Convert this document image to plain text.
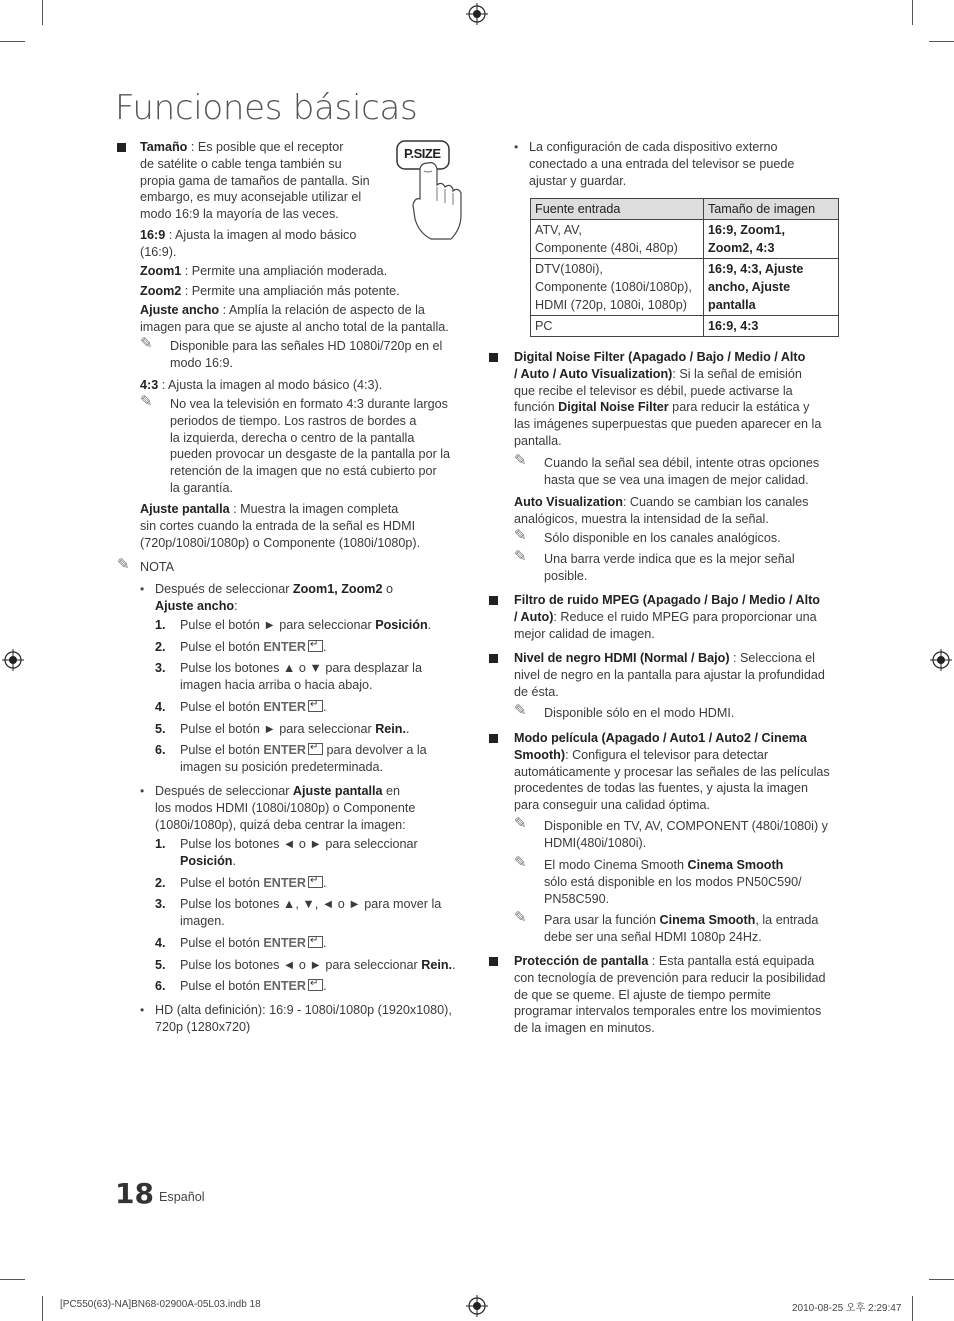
Funciones básicas
Tamaño : Es posible que el receptor
de satélite o cable tenga también su
propia gama de tamaños de pantalla. Sin
embargo, es muy aconsejable utilizar el
modo 16:9 la mayoría de las veces.
P.SIZE
16:9 : Ajusta la imagen al modo básico
(16:9).
Zoom1 : Permite una ampliación moderada.
Zoom2 : Permite una ampliación más potente.
Ajuste ancho : Amplía la relación de aspecto de la
imagen para que se ajuste al ancho total de la pantalla.
✎ Disponible para las señales HD 1080i/720p en el
modo 16:9.
4:3 : Ajusta la imagen al modo básico (4:3).
✎ No vea la televisión en formato 4:3 durante largos
periodos de tiempo. Los rastros de bordes a
la izquierda, derecha o centro de la pantalla
pueden provocar un desgaste de la pantalla por la
retención de la imagen que no está cubierto por
la garantía.
Ajuste pantalla : Muestra la imagen completa
sin cortes cuando la entrada de la señal es HDMI
(720p/1080i/1080p) o Componente (1080i/1080p).
✎ NOTA
• Después de seleccionar Zoom1, Zoom2 o
Ajuste ancho:
1. Pulse el botón ► para seleccionar Posición.
2. Pulse el botón ENTER ↵ .
3. Pulse los botones ▲ o ▼ para desplazar la
imagen hacia arriba o hacia abajo.
4. Pulse el botón ENTER ↵ .
5. Pulse el botón ► para seleccionar Rein..
6. Pulse el botón ENTER↵ para devolver a la
imagen su posición predeterminada.
• Después de seleccionar Ajuste pantalla en
los modos HDMI (1080i/1080p) o Componente
(1080i/1080p), quizá deba centrar la imagen:
1. Pulse los botones ◄ o ► para seleccionar
Posición.
2. Pulse el botón ENTER ↵ .
3. Pulse los botones ▲, ▼, ◄ o ► para mover la
imagen.
4. Pulse el botón ENTER ↵ .
5. Pulse los botones ◄ o ► para seleccionar Rein..
6. Pulse el botón ENTER ↵ .
• HD (alta definición): 16:9 - 1080i/1080p (1920x1080),
720p (1280x720)
• La configuración de cada dispositivo externo
conectado a una entrada del televisor se puede
ajustar y guardar.
Fuente entrada	Tamaño de imagen
ATV, AV,
Componente (480i, 480p)	16:9, Zoom1,
Zoom2, 4:3
DTV(1080i),
Componente (1080i/1080p),
HDMI (720p, 1080i, 1080p)	16:9, 4:3, Ajuste
ancho, Ajuste
pantalla
PC	16:9, 4:3
Digital Noise Filter (Apagado / Bajo / Medio / Alto
/ Auto / Auto Visualization): Si la señal de emisión
que recibe el televisor es débil, puede activarse la
función Digital Noise Filter para reducir la estática y
las imágenes superpuestas que pueden aparecer en la
pantalla.
✎ Cuando la señal sea débil, intente otras opciones
hasta que se vea una imagen de mejor calidad.
Auto Visualization: Cuando se cambian los canales
analógicos, muestra la intensidad de la señal.
✎ Sólo disponible en los canales analógicos.
✎ Una barra verde indica que es la mejor señal
posible.
Filtro de ruido MPEG (Apagado / Bajo / Medio / Alto
/ Auto): Reduce el ruido MPEG para proporcionar una
mejor calidad de imagen.
Nivel de negro HDMI (Normal / Bajo) : Selecciona el
nivel de negro en la pantalla para ajustar la profundidad
de ésta.
✎ Disponible sólo en el modo HDMI.
Modo película (Apagado / Auto1 / Auto2 / Cinema
Smooth): Configura el televisor para detectar
automáticamente y procesar las señales de las películas
procedentes de todas las fuentes, y ajusta la imagen
para conseguir una calidad óptima.
✎ Disponible en TV, AV, COMPONENT (480i/1080i) y
HDMI(480i/1080i).
✎ El modo Cinema Smooth Cinema Smooth
sólo está disponible en los modos PN50C590/
PN58C590.
✎ Para usar la función Cinema Smooth, la entrada
debe ser una señal HDMI 1080p 24Hz.
Protección de pantalla : Esta pantalla está equipada
con tecnología de prevención para reducir la posibilidad
de que se queme. El ajuste de tiempo permite
programar intervalos temporales entre los movimientos
de la imagen en minutos.
18 Español
[PC550(63)-NA]BN68-02900A-05L03.indb 18	2010-08-25 오후 2:29:47
